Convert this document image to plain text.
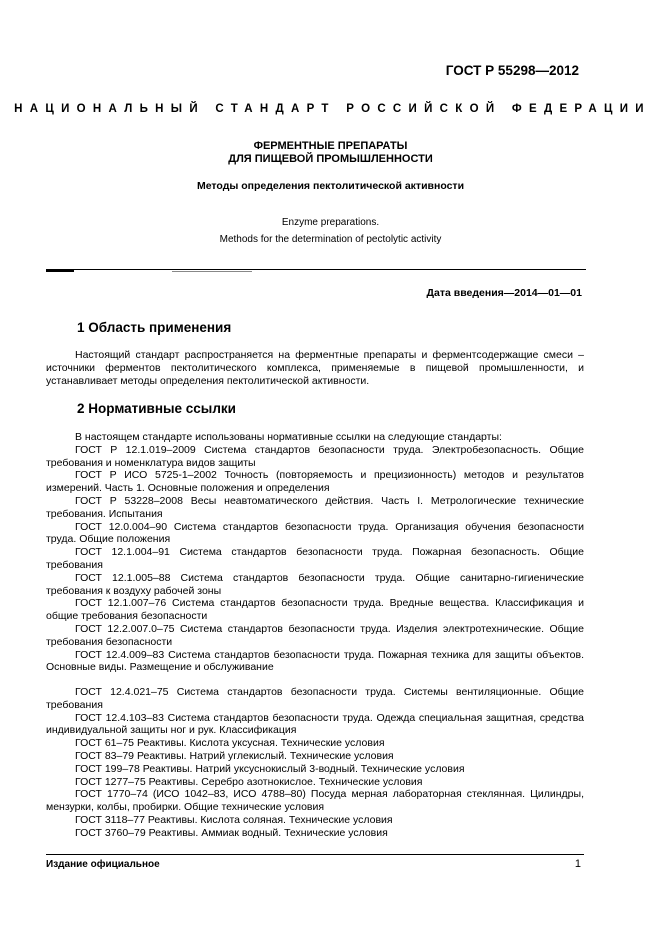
ГОСТ Р 55298—2012
НАЦИОНАЛЬНЫЙ СТАНДАРТ РОССИЙСКОЙ ФЕДЕРАЦИИ
ФЕРМЕНТНЫЕ ПРЕПАРАТЫ
ДЛЯ ПИЩЕВОЙ ПРОМЫШЛЕННОСТИ
Методы определения пектолитической активности
Enzyme preparations.
Methods for the determination of pectolytic activity
Дата введения—2014—01—01
1 Область применения

Настоящий стандарт распространяется на ферментные препараты и ферментсодержащие смеси – источники ферментов пектолитического комплекса, применяемые в пищевой промышленности, и устанавливает методы определения пектолитической активности.

2 Нормативные ссылки

В настоящем стандарте использованы нормативные ссылки на следующие стандарты:

ГОСТ Р 12.1.019–2009 Система стандартов безопасности труда. Электробезопасность. Общие требования и номенклатура видов защиты

ГОСТ Р ИСО 5725-1–2002 Точность (повторяемость и прецизионность) методов и результатов измерений. Часть 1. Основные положения и определения

ГОСТ Р 53228–2008 Весы неавтоматического действия. Часть I. Метрологические технические требования. Испытания

ГОСТ 12.0.004–90 Система стандартов безопасности труда. Организация обучения безопасности труда. Общие положения

ГОСТ 12.1.004–91 Система стандартов безопасности труда. Пожарная безопасность. Общие требования

ГОСТ 12.1.005–88 Система стандартов безопасности труда. Общие санитарно-гигиенические требования к воздуху рабочей зоны

ГОСТ 12.1.007–76 Система стандартов безопасности труда. Вредные вещества. Классификация и общие требования безопасности

ГОСТ 12.2.007.0–75 Система стандартов безопасности труда. Изделия электротехнические. Общие требования безопасности

ГОСТ 12.4.009–83 Система стандартов безопасности труда. Пожарная техника для защиты объектов. Основные виды. Размещение и обслуживание

ГОСТ 12.4.021–75 Система стандартов безопасности труда. Системы вентиляционные. Общие требования

ГОСТ 12.4.103–83 Система стандартов безопасности труда. Одежда специальная защитная, средства индивидуальной защиты ног и рук. Классификация

ГОСТ 61–75 Реактивы. Кислота уксусная. Технические условия

ГОСТ 83–79 Реактивы. Натрий углекислый. Технические условия

ГОСТ 199–78 Реактивы. Натрий уксуснокислый 3-водный. Технические условия

ГОСТ 1277–75 Реактивы. Серебро азотнокислое. Технические условия

ГОСТ 1770–74 (ИСО 1042–83, ИСО 4788–80) Посуда мерная лабораторная стеклянная. Цилиндры, мензурки, колбы, пробирки. Общие технические условия

ГОСТ 3118–77 Реактивы. Кислота соляная. Технические условия

ГОСТ 3760–79 Реактивы. Аммиак водный. Технические условия

Издание официальное	1
